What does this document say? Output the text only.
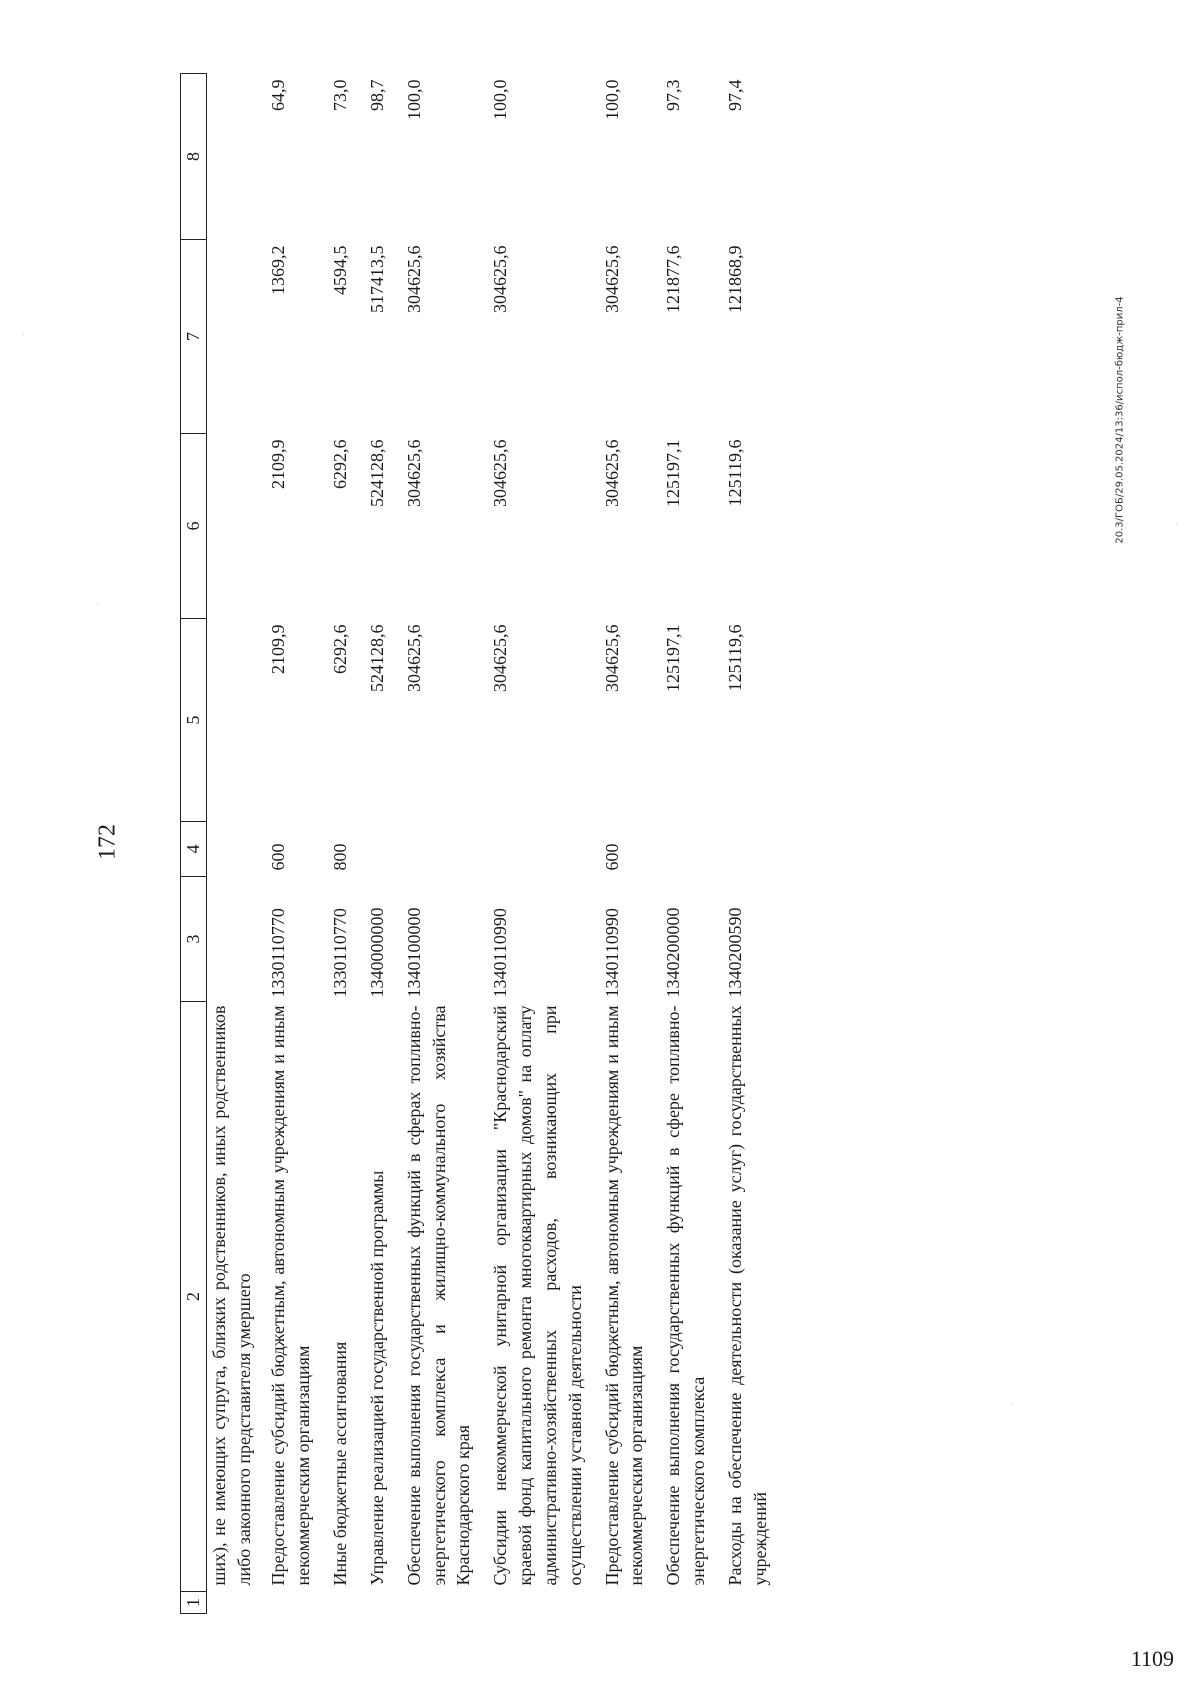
·
·
·
·
172
1	2	3	4	5	6	7	8
	ших), не имеющих супруга, близких родственников, иных родственников либо законного представителя умершего						
	Предоставление субсидий бюджетным, автономным учреждениям и иным некоммерческим организациям	1330110770	600	2109,9	2109,9	1369,2	64,9
	Иные бюджетные ассигнования	1330110770	800	6292,6	6292,6	4594,5	73,0
	Управление реализацией государственной программы	1340000000		524128,6	524128,6	517413,5	98,7
	Обеспечение выполнения государственных функций в сферах топливно-энергетического комплекса и жилищно-коммунального хозяйства Краснодарского края	1340100000		304625,6	304625,6	304625,6	100,0
	Субсидии некоммерческой унитарной организации "Краснодарский краевой фонд капитального ремонта многоквартирных домов" на оплату административно-хозяйственных расходов, возникающих при осуществлении уставной деятельности	1340110990		304625,6	304625,6	304625,6	100,0
	Предоставление субсидий бюджетным, автономным учреждениям и иным некоммерческим организациям	1340110990	600	304625,6	304625,6	304625,6	100,0
	Обеспечение выполнения государственных функций в сфере топливно-энергетического комплекса	1340200000		125197,1	125197,1	121877,6	97,3
	Расходы на обеспечение деятельности (оказание услуг) государственных учреждений	1340200590		125119,6	125119,6	121868,9	97,4
20.3/ГОБ/29.05.2024/13:36/испол-бюдж-прил-4
1109
